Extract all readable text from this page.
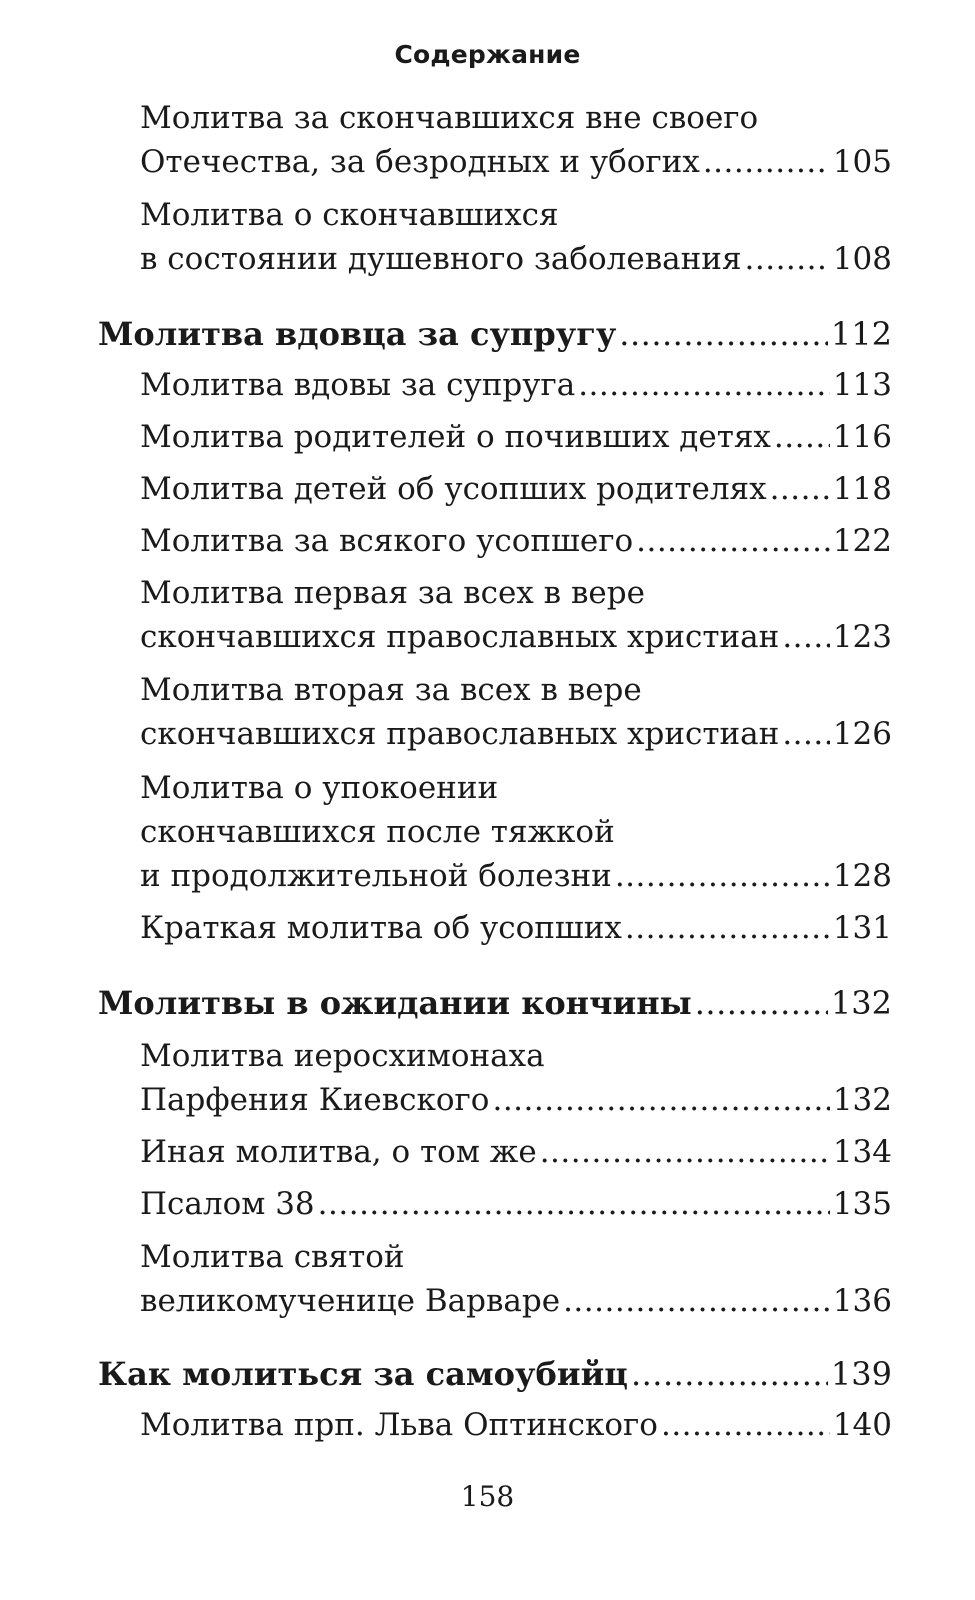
Содержание
Молитва за скончавшихся вне своего
Отечества, за безродных и убогих .....	105
Молитва о скончавшихся
в состоянии душевного заболевания .....	108
Молитва вдовца за супругу .....	112
Молитва вдовы за супруга .....	113
Молитва родителей о почивших детях ..... 116
Молитва детей об усопших родителях ..... 118
Молитва за всякого усопшего .....	122
Молитва первая за всех в вере
скончавшихся православных христиан ..... 123
Молитва вторая за всех в вере
скончавшихся православных христиан ..... 126
Молитва о упокоении
скончавшихся после тяжкой
и продолжительной болезни .....	128
Краткая молитва об усопших .....	131
Молитвы в ожидании кончины .....	132
Молитва иеросхимонаха
Парфения Киевского .....	132
Иная молитва, о том же .....	134
Псалом 38 .....	135
Молитва святой
великомученице Варваре .....	136
Как молиться за самоубийц .....	139
Молитва прп. Льва Оптинского .....	140
158
